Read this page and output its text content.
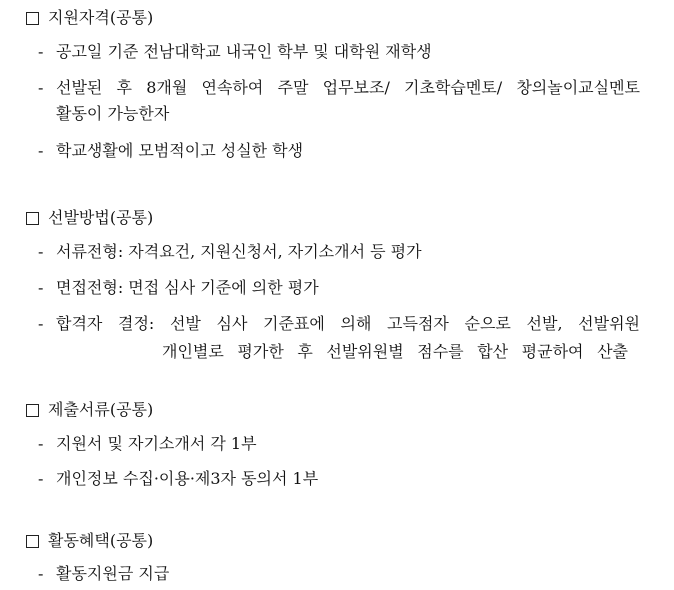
지원자격(공통)
- 공고일 기준 전남대학교 내국인 학부 및 대학원 재학생
- 선발된 후 8개월 연속하여 주말 업무보조/ 기초학습멘토/ 창의놀이교실멘토
활동이 가능한자
- 학교생활에 모범적이고 성실한 학생
선발방법(공통)
- 서류전형: 자격요건, 지원신청서, 자기소개서 등 평가
- 면접전형: 면접 심사 기준에 의한 평가
- 합격자 결정: 선발 심사 기준표에 의해 고득점자 순으로 선발, 선발위원
개인별로 평가한 후 선발위원별 점수를 합산 평균하여 산출
제출서류(공통)
- 지원서 및 자기소개서 각 1부
- 개인정보 수집·이용·제3자 동의서 1부
활동혜택(공통)
- 활동지원금 지급
